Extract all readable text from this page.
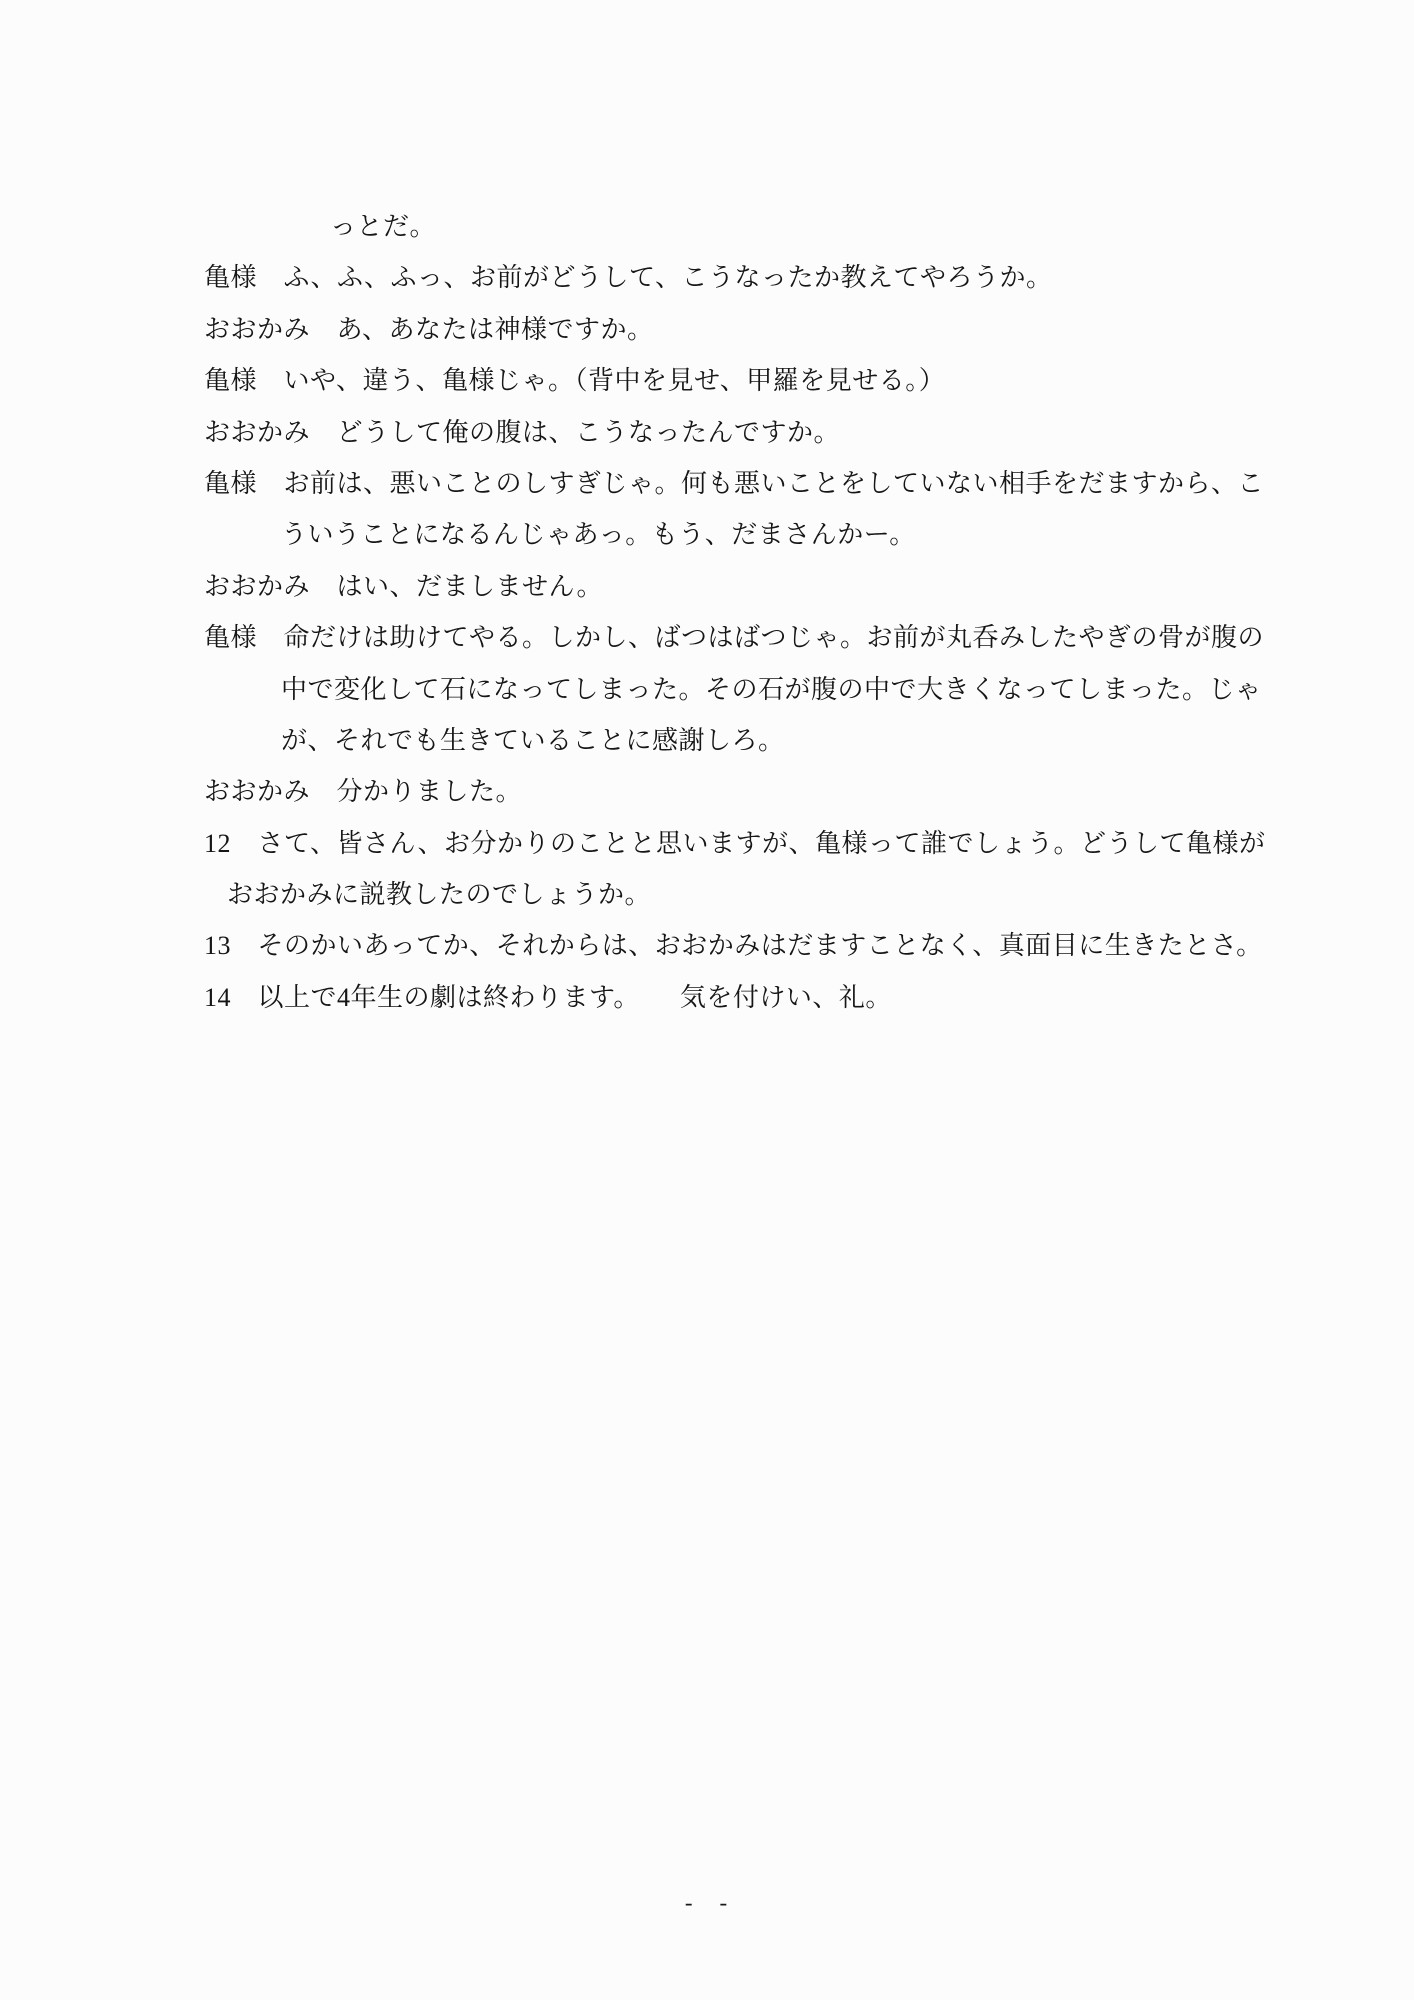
っとだ。
亀様　ふ、ふ、ふっ、お前がどうして、こうなったか教えてやろうか。
おおかみ　あ、あなたは神様ですか。
亀様　いや、違う、亀様じゃ。（背中を見せ、甲羅を見せる。）
おおかみ　どうして俺の腹は、こうなったんですか。
亀様　お前は、悪いことのしすぎじゃ。何も悪いことをしていない相手をだますから、こ
ういうことになるんじゃあっ。もう、だまさんかー。
おおかみ　はい、だましません。
亀様　命だけは助けてやる。しかし、ばつはばつじゃ。お前が丸呑みしたやぎの骨が腹の
中で変化して石になってしまった。その石が腹の中で大きくなってしまった。じゃ
が、それでも生きていることに感謝しろ。
おおかみ　分かりました。
12　さて、皆さん、お分かりのことと思いますが、亀様って誰でしょう。どうして亀様が
おおかみに説教したのでしょうか。
13　そのかいあってか、それからは、おおかみはだますことなく、真面目に生きたとさ。
14　以上で4年生の劇は終わります。　　気を付けい、礼。
-　-
